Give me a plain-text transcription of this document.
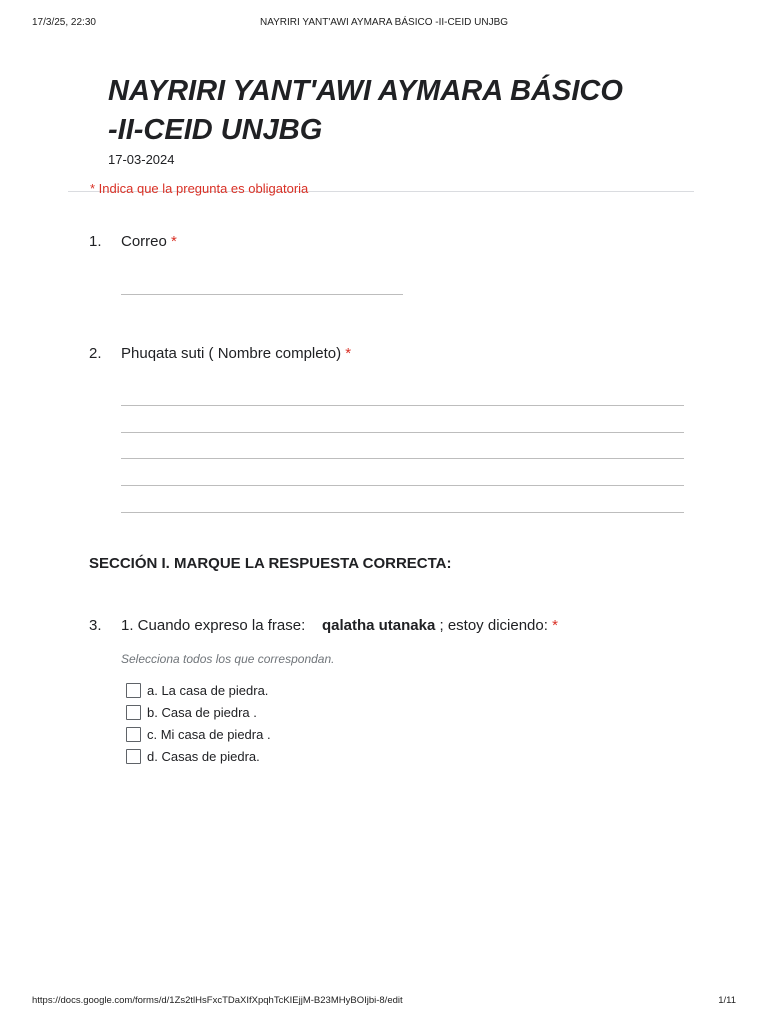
17/3/25, 22:30	NAYRIRI YANT'AWI AYMARA BÁSICO -II-CEID UNJBG
NAYRIRI YANT'AWI AYMARA BÁSICO
-II-CEID UNJBG
17-03-2024
* Indica que la pregunta es obligatoria
1. Correo *
2. Phuqata suti ( Nombre completo) *
SECCIÓN I. MARQUE LA RESPUESTA CORRECTA:
3. 1. Cuando expreso la frase: qalatha utanaka ; estoy diciendo: *
Selecciona todos los que correspondan.
a. La casa de piedra.
b. Casa de piedra .
c. Mi casa de piedra .
d. Casas de piedra.
https://docs.google.com/forms/d/1Zs2tlHsFxcTDaXIfXpqhTcKIEjjM-B23MHyBOIjbi-8/edit	1/11
